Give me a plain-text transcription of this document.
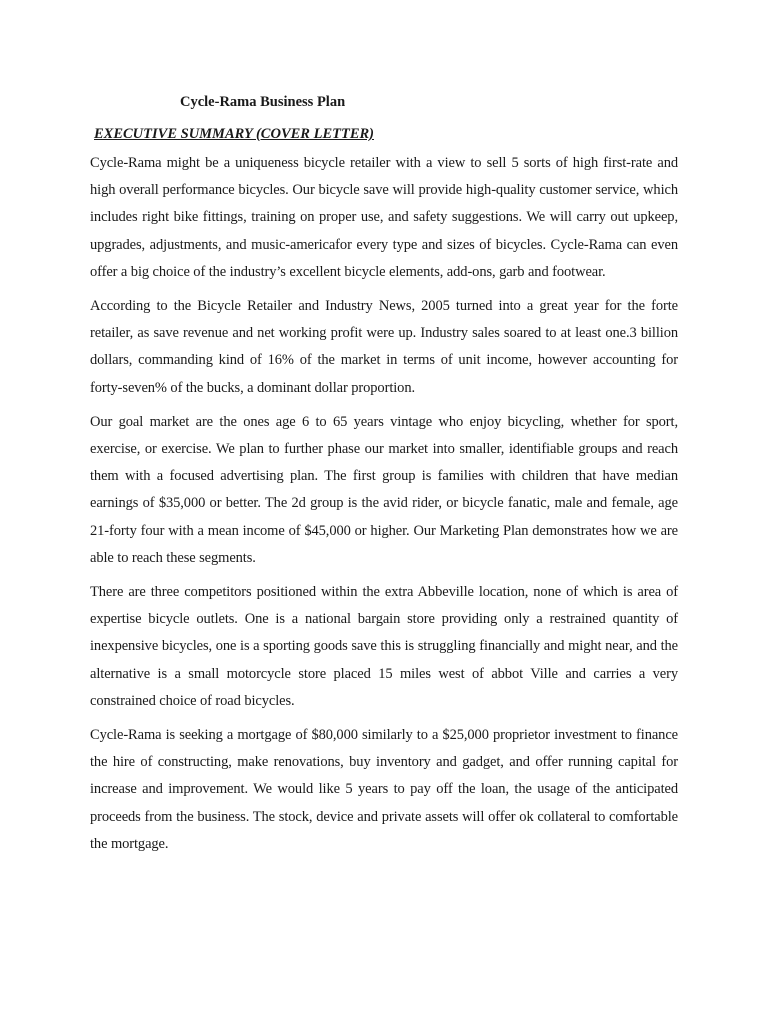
Cycle-Rama Business Plan
EXECUTIVE SUMMARY (COVER LETTER)

Cycle-Rama might be a uniqueness bicycle retailer with a view to sell 5 sorts of high first-rate and high overall performance bicycles. Our bicycle save will provide high-quality customer service, which includes right bike fittings, training on proper use, and safety suggestions. We will carry out upkeep, upgrades, adjustments, and music-americafor every type and sizes of bicycles. Cycle-Rama can even offer a big choice of the industry’s excellent bicycle elements, add-ons, garb and footwear.

According to the Bicycle Retailer and Industry News, 2005 turned into a great year for the forte retailer, as save revenue and net working profit were up. Industry sales soared to at least one.3 billion dollars, commanding kind of 16% of the market in terms of unit income, however accounting for forty-seven% of the bucks, a dominant dollar proportion.

Our goal market are the ones age 6 to 65 years vintage who enjoy bicycling, whether for sport, exercise, or exercise. We plan to further phase our market into smaller, identifiable groups and reach them with a focused advertising plan. The first group is families with children that have median earnings of $35,000 or better. The 2d group is the avid rider, or bicycle fanatic, male and female, age 21-forty four with a mean income of $45,000 or higher. Our Marketing Plan demonstrates how we are able to reach these segments.

There are three competitors positioned within the extra Abbeville location, none of which is area of expertise bicycle outlets. One is a national bargain store providing only a restrained quantity of inexpensive bicycles, one is a sporting goods save this is struggling financially and might near, and the alternative is a small motorcycle store placed 15 miles west of abbot Ville and carries a very constrained choice of road bicycles.

Cycle-Rama is seeking a mortgage of $80,000 similarly to a $25,000 proprietor investment to finance the hire of constructing, make renovations, buy inventory and gadget, and offer running capital for increase and improvement. We would like 5 years to pay off the loan, the usage of the anticipated proceeds from the business. The stock, device and private assets will offer ok collateral to comfortable the mortgage.
